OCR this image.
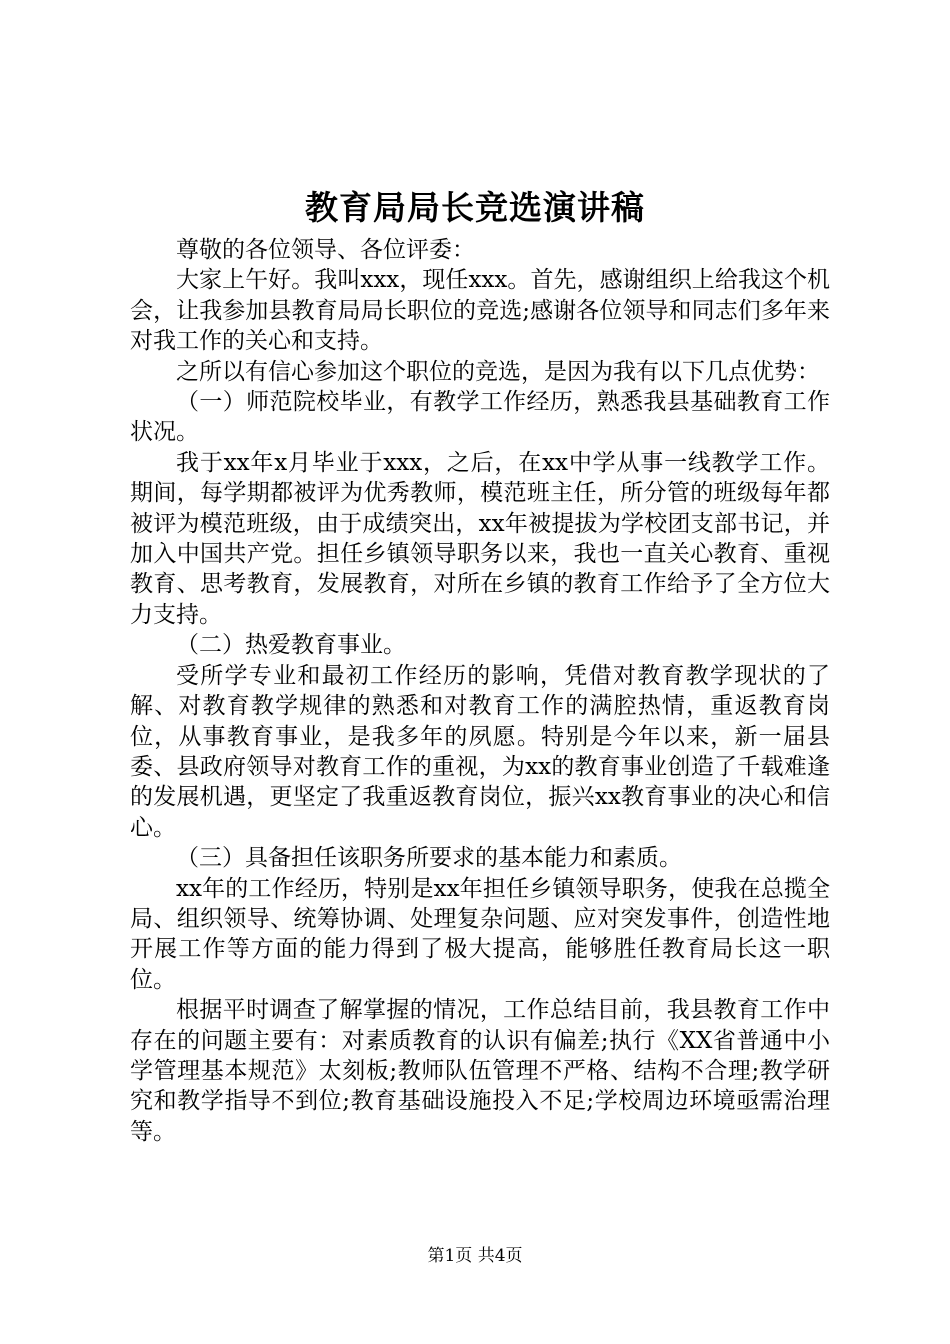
教育局局长竞选演讲稿

尊敬的各位领导、各位评委：

大家上午好。我叫xxx，现任xxx。首先，感谢组织上给我这个机会，让我参加县教育局局长职位的竞选;感谢各位领导和同志们多年来对我工作的关心和支持。

之所以有信心参加这个职位的竞选，是因为我有以下几点优势：

（一）师范院校毕业，有教学工作经历，熟悉我县基础教育工作状况。

我于xx年x月毕业于xxx，之后，在xx中学从事一线教学工作。期间，每学期都被评为优秀教师，模范班主任，所分管的班级每年都被评为模范班级，由于成绩突出，xx年被提拔为学校团支部书记，并加入中国共产党。担任乡镇领导职务以来，我也一直关心教育、重视教育、思考教育，发展教育，对所在乡镇的教育工作给予了全方位大力支持。

（二）热爱教育事业。

受所学专业和最初工作经历的影响，凭借对教育教学现状的了解、对教育教学规律的熟悉和对教育工作的满腔热情，重返教育岗位，从事教育事业，是我多年的夙愿。特别是今年以来，新一届县委、县政府领导对教育工作的重视，为xx的教育事业创造了千载难逢的发展机遇，更坚定了我重返教育岗位，振兴xx教育事业的决心和信心。

（三）具备担任该职务所要求的基本能力和素质。

xx年的工作经历，特别是xx年担任乡镇领导职务，使我在总揽全局、组织领导、统筹协调、处理复杂问题、应对突发事件，创造性地开展工作等方面的能力得到了极大提高，能够胜任教育局长这一职位。

根据平时调查了解掌握的情况，工作总结目前，我县教育工作中存在的问题主要有：对素质教育的认识有偏差;执行《XX省普通中小学管理基本规范》太刻板;教师队伍管理不严格、结构不合理;教学研究和教学指导不到位;教育基础设施投入不足;学校周边环境亟需治理等。

第1页 共4页
